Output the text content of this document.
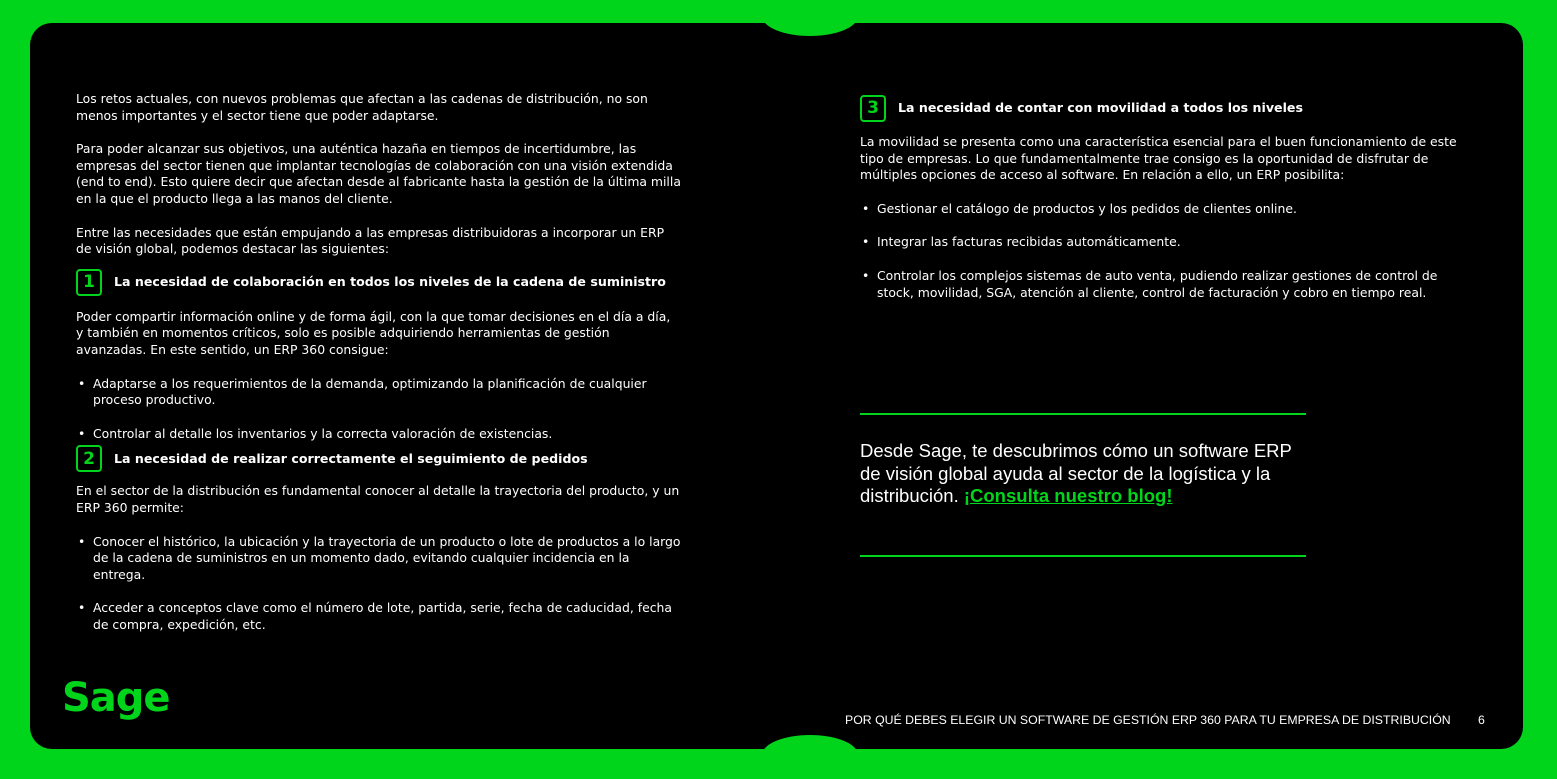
Los retos actuales, con nuevos problemas que afectan a las cadenas de distribución, no son menos importantes y el sector tiene que poder adaptarse.

Para poder alcanzar sus objetivos, una auténtica hazaña en tiempos de incertidumbre, las empresas del sector tienen que implantar tecnologías de colaboración con una visión extendida (end to end). Esto quiere decir que afectan desde al fabricante hasta la gestión de la última milla en la que el producto llega a las manos del cliente.

Entre las necesidades que están empujando a las empresas distribuidoras a incorporar un ERP de visión global, podemos destacar las siguientes:

1	La necesidad de colaboración en todos los niveles de la cadena de suministro

Poder compartir información online y de forma ágil, con la que tomar decisiones en el día a día, y también en momentos críticos, solo es posible adquiriendo herramientas de gestión avanzadas. En este sentido, un ERP 360 consigue:

• Adaptarse a los requerimientos de la demanda, optimizando la planificación de cualquier proceso productivo.
• Controlar al detalle los inventarios y la correcta valoración de existencias.
2	La necesidad de realizar correctamente el seguimiento de pedidos

En el sector de la distribución es fundamental conocer al detalle la trayectoria del producto, y un ERP 360 permite:

• Conocer el histórico, la ubicación y la trayectoria de un producto o lote de productos a lo largo de la cadena de suministros en un momento dado, evitando cualquier incidencia en la entrega.
• Acceder a conceptos clave como el número de lote, partida, serie, fecha de caducidad, fecha de compra, expedición, etc.
3	La necesidad de contar con movilidad a todos los niveles

La movilidad se presenta como una característica esencial para el buen funcionamiento de este tipo de empresas. Lo que fundamentalmente trae consigo es la oportunidad de disfrutar de múltiples opciones de acceso al software. En relación a ello, un ERP posibilita:

• Gestionar el catálogo de productos y los pedidos de clientes online.
• Integrar las facturas recibidas automáticamente.
• Controlar los complejos sistemas de auto venta, pudiendo realizar gestiones de control de stock, movilidad, SGA, atención al cliente, control de facturación y cobro en tiempo real.
Desde Sage, te descubrimos cómo un software ERP de visión global ayuda al sector de la logística y la distribución. ¡Consulta nuestro blog!
Sage	POR QUÉ DEBES ELEGIR UN SOFTWARE DE GESTIÓN ERP 360 PARA TU EMPRESA DE DISTRIBUCIÓN 6
